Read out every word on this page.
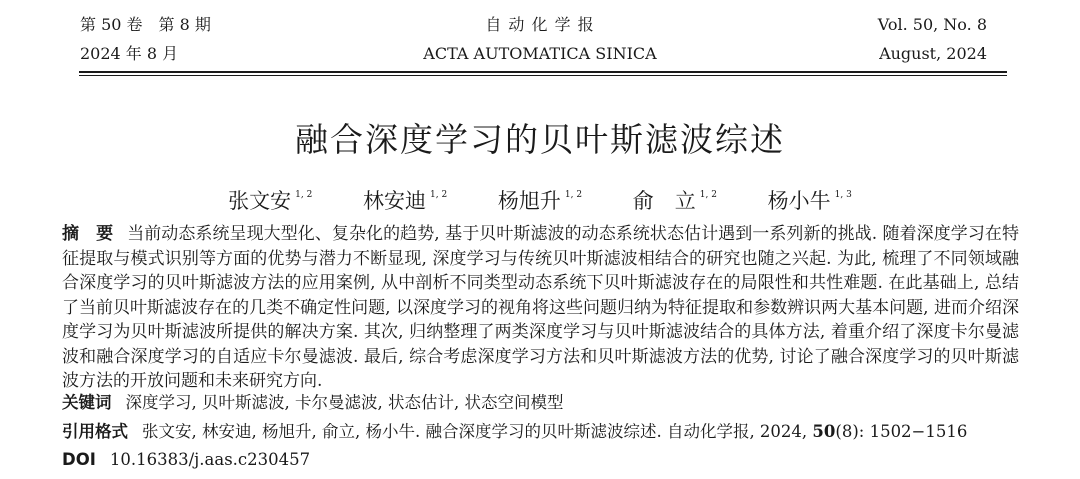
第 50 卷　第 8 期
2024 年 8 月
自 动 化 学 报
ACTA AUTOMATICA SINICA
Vol. 50, No. 8
August, 2024
融合深度学习的贝叶斯滤波综述
张文安 $^{1, 2}$ 林安迪 $^{1, 2}$ 杨旭升 $^{1, 2}$ 俞　立 $^{1, 2}$ 杨小牛 $^{1, 3}$
摘　要 当前动态系统呈现大型化、复杂化的趋势, 基于贝叶斯滤波的动态系统状态估计遇到一系列新的挑战. 随着深度学习在特征提取与模式识别等方面的优势与潜力不断显现, 深度学习与传统贝叶斯滤波相结合的研究也随之兴起. 为此, 梳理了不同领域融合深度学习的贝叶斯滤波方法的应用案例, 从中剖析不同类型动态系统下贝叶斯滤波存在的局限性和共性难题. 在此基础上, 总结了当前贝叶斯滤波存在的几类不确定性问题, 以深度学习的视角将这些问题归纳为特征提取和参数辨识两大基本问题, 进而介绍深度学习为贝叶斯滤波所提供的解决方案. 其次, 归纳整理了两类深度学习与贝叶斯滤波结合的具体方法, 着重介绍了深度卡尔曼滤波和融合深度学习的自适应卡尔曼滤波. 最后, 综合考虑深度学习方法和贝叶斯滤波方法的优势, 讨论了融合深度学习的贝叶斯滤波方法的开放问题和未来研究方向.
关键词 深度学习, 贝叶斯滤波, 卡尔曼滤波, 状态估计, 状态空间模型
引用格式 张文安, 林安迪, 杨旭升, 俞立, 杨小牛. 融合深度学习的贝叶斯滤波综述. 自动化学报, 2024, 50(8): 1502−1516
DOI 10.16383/j.aas.c230457
